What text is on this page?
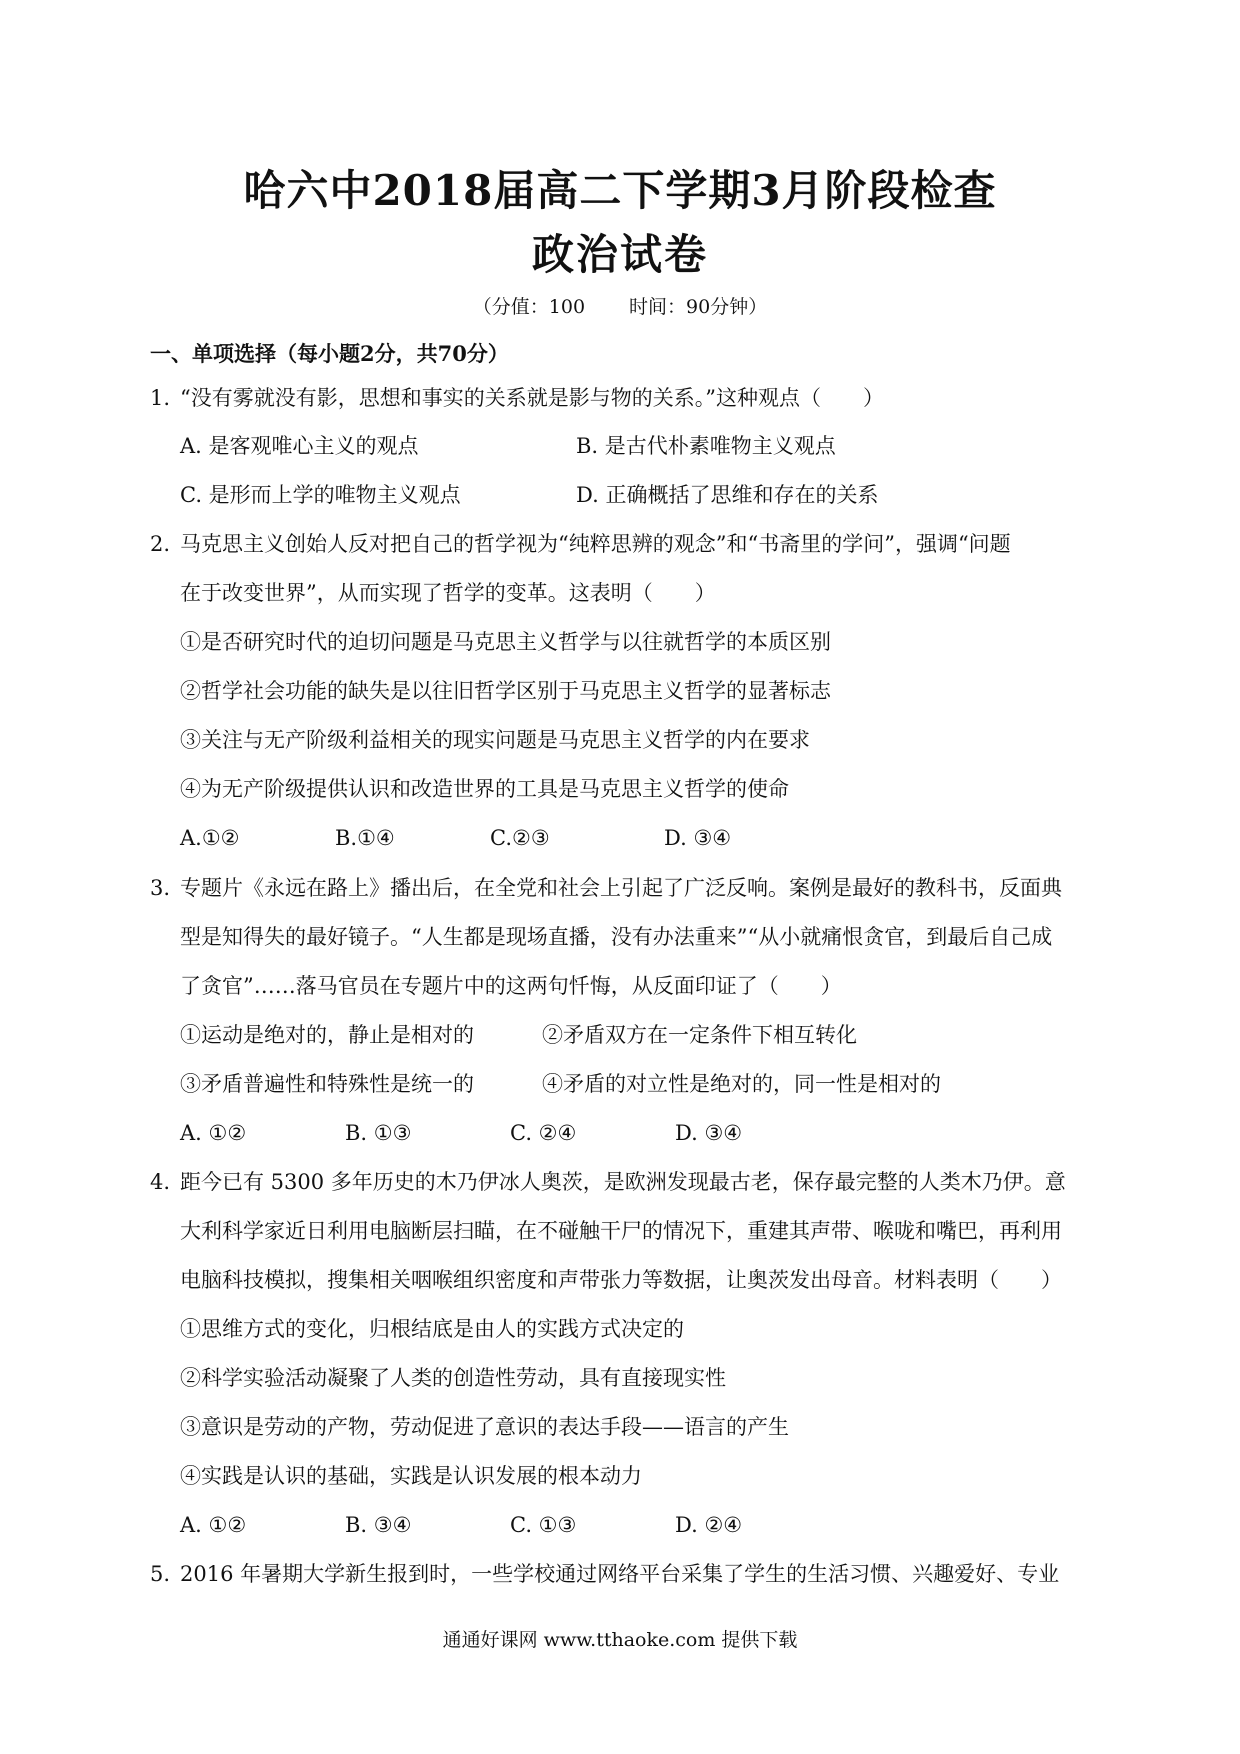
哈六中2018届高二下学期3月阶段检查
政治试卷
（分值：100 时间：90分钟）
一、单项选择（每小题2分，共70分）
1. “没有雾就没有影，思想和事实的关系就是影与物的关系。”这种观点（　　）
A. 是客观唯心主义的观点	B. 是古代朴素唯物主义观点
C. 是形而上学的唯物主义观点	D. 正确概括了思维和存在的关系
2. 马克思主义创始人反对把自己的哲学视为“纯粹思辨的观念”和“书斋里的学问”，强调“问题
在于改变世界”，从而实现了哲学的变革。这表明（　　）
①是否研究时代的迫切问题是马克思主义哲学与以往就哲学的本质区别
②哲学社会功能的缺失是以往旧哲学区别于马克思主义哲学的显著标志
③关注与无产阶级利益相关的现实问题是马克思主义哲学的内在要求
④为无产阶级提供认识和改造世界的工具是马克思主义哲学的使命
A.①②	B.①④	C.②③	D. ③④
3. 专题片《永远在路上》播出后，在全党和社会上引起了广泛反响。案例是最好的教科书，反面典
型是知得失的最好镜子。“人生都是现场直播，没有办法重来”“从小就痛恨贪官，到最后自己成
了贪官”……落马官员在专题片中的这两句忏悔，从反面印证了（　　）
①运动是绝对的，静止是相对的	②矛盾双方在一定条件下相互转化
③矛盾普遍性和特殊性是统一的	④矛盾的对立性是绝对的，同一性是相对的
A. ①②	B. ①③	C. ②④	D. ③④
4. 距今已有 5300 多年历史的木乃伊冰人奥茨，是欧洲发现最古老，保存最完整的人类木乃伊。意
大利科学家近日利用电脑断层扫瞄，在不碰触干尸的情况下，重建其声带、喉咙和嘴巴，再利用
电脑科技模拟，搜集相关咽喉组织密度和声带张力等数据，让奥茨发出母音。材料表明（　　）
①思维方式的变化，归根结底是由人的实践方式决定的
②科学实验活动凝聚了人类的创造性劳动，具有直接现实性
③意识是劳动的产物，劳动促进了意识的表达手段——语言的产生
④实践是认识的基础，实践是认识发展的根本动力
A. ①②	B. ③④	C. ①③	D. ②④
5. 2016 年暑期大学新生报到时，一些学校通过网络平台采集了学生的生活习惯、兴趣爱好、专业
通通好课网 www.tthaoke.com 提供下载
